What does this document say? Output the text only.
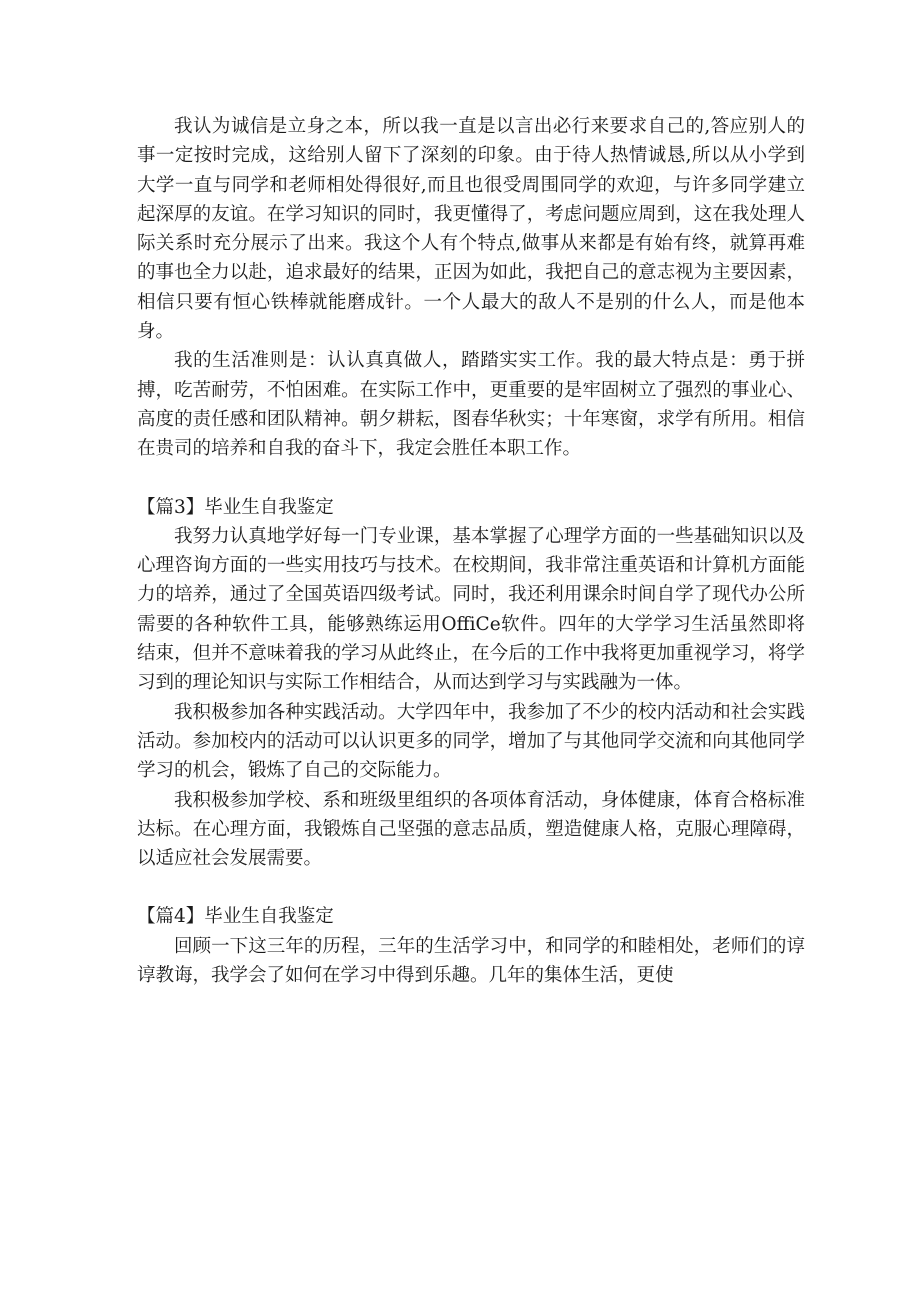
我认为诚信是立身之本，所以我一直是以言出必行来要求自己的,答应别人的事一定按时完成，这给别人留下了深刻的印象。由于待人热情诚恳,所以从小学到大学一直与同学和老师相处得很好,而且也很受周围同学的欢迎，与许多同学建立起深厚的友谊。在学习知识的同时，我更懂得了，考虑问题应周到，这在我处理人际关系时充分展示了出来。我这个人有个特点,做事从来都是有始有终，就算再难的事也全力以赴，追求最好的结果，正因为如此，我把自己的意志视为主要因素，相信只要有恒心铁棒就能磨成针。一个人最大的敌人不是别的什么人，而是他本身。

我的生活准则是：认认真真做人，踏踏实实工作。我的最大特点是：勇于拼搏，吃苦耐劳，不怕困难。在实际工作中，更重要的是牢固树立了强烈的事业心、高度的责任感和团队精神。朝夕耕耘，图春华秋实；十年寒窗，求学有所用。相信在贵司的培养和自我的奋斗下，我定会胜任本职工作。

【篇3】毕业生自我鉴定

我努力认真地学好每一门专业课，基本掌握了心理学方面的一些基础知识以及心理咨询方面的一些实用技巧与技术。在校期间，我非常注重英语和计算机方面能力的培养，通过了全国英语四级考试。同时，我还利用课余时间自学了现代办公所需要的各种软件工具，能够熟练运用OffiCe软件。四年的大学学习生活虽然即将结束，但并不意味着我的学习从此终止，在今后的工作中我将更加重视学习，将学习到的理论知识与实际工作相结合，从而达到学习与实践融为一体。

我积极参加各种实践活动。大学四年中，我参加了不少的校内活动和社会实践活动。参加校内的活动可以认识更多的同学，增加了与其他同学交流和向其他同学学习的机会，锻炼了自己的交际能力。

我积极参加学校、系和班级里组织的各项体育活动，身体健康，体育合格标准达标。在心理方面，我锻炼自己坚强的意志品质，塑造健康人格，克服心理障碍，以适应社会发展需要。

【篇4】毕业生自我鉴定

回顾一下这三年的历程，三年的生活学习中，和同学的和睦相处，老师们的谆谆教诲，我学会了如何在学习中得到乐趣。几年的集体生活，更使
